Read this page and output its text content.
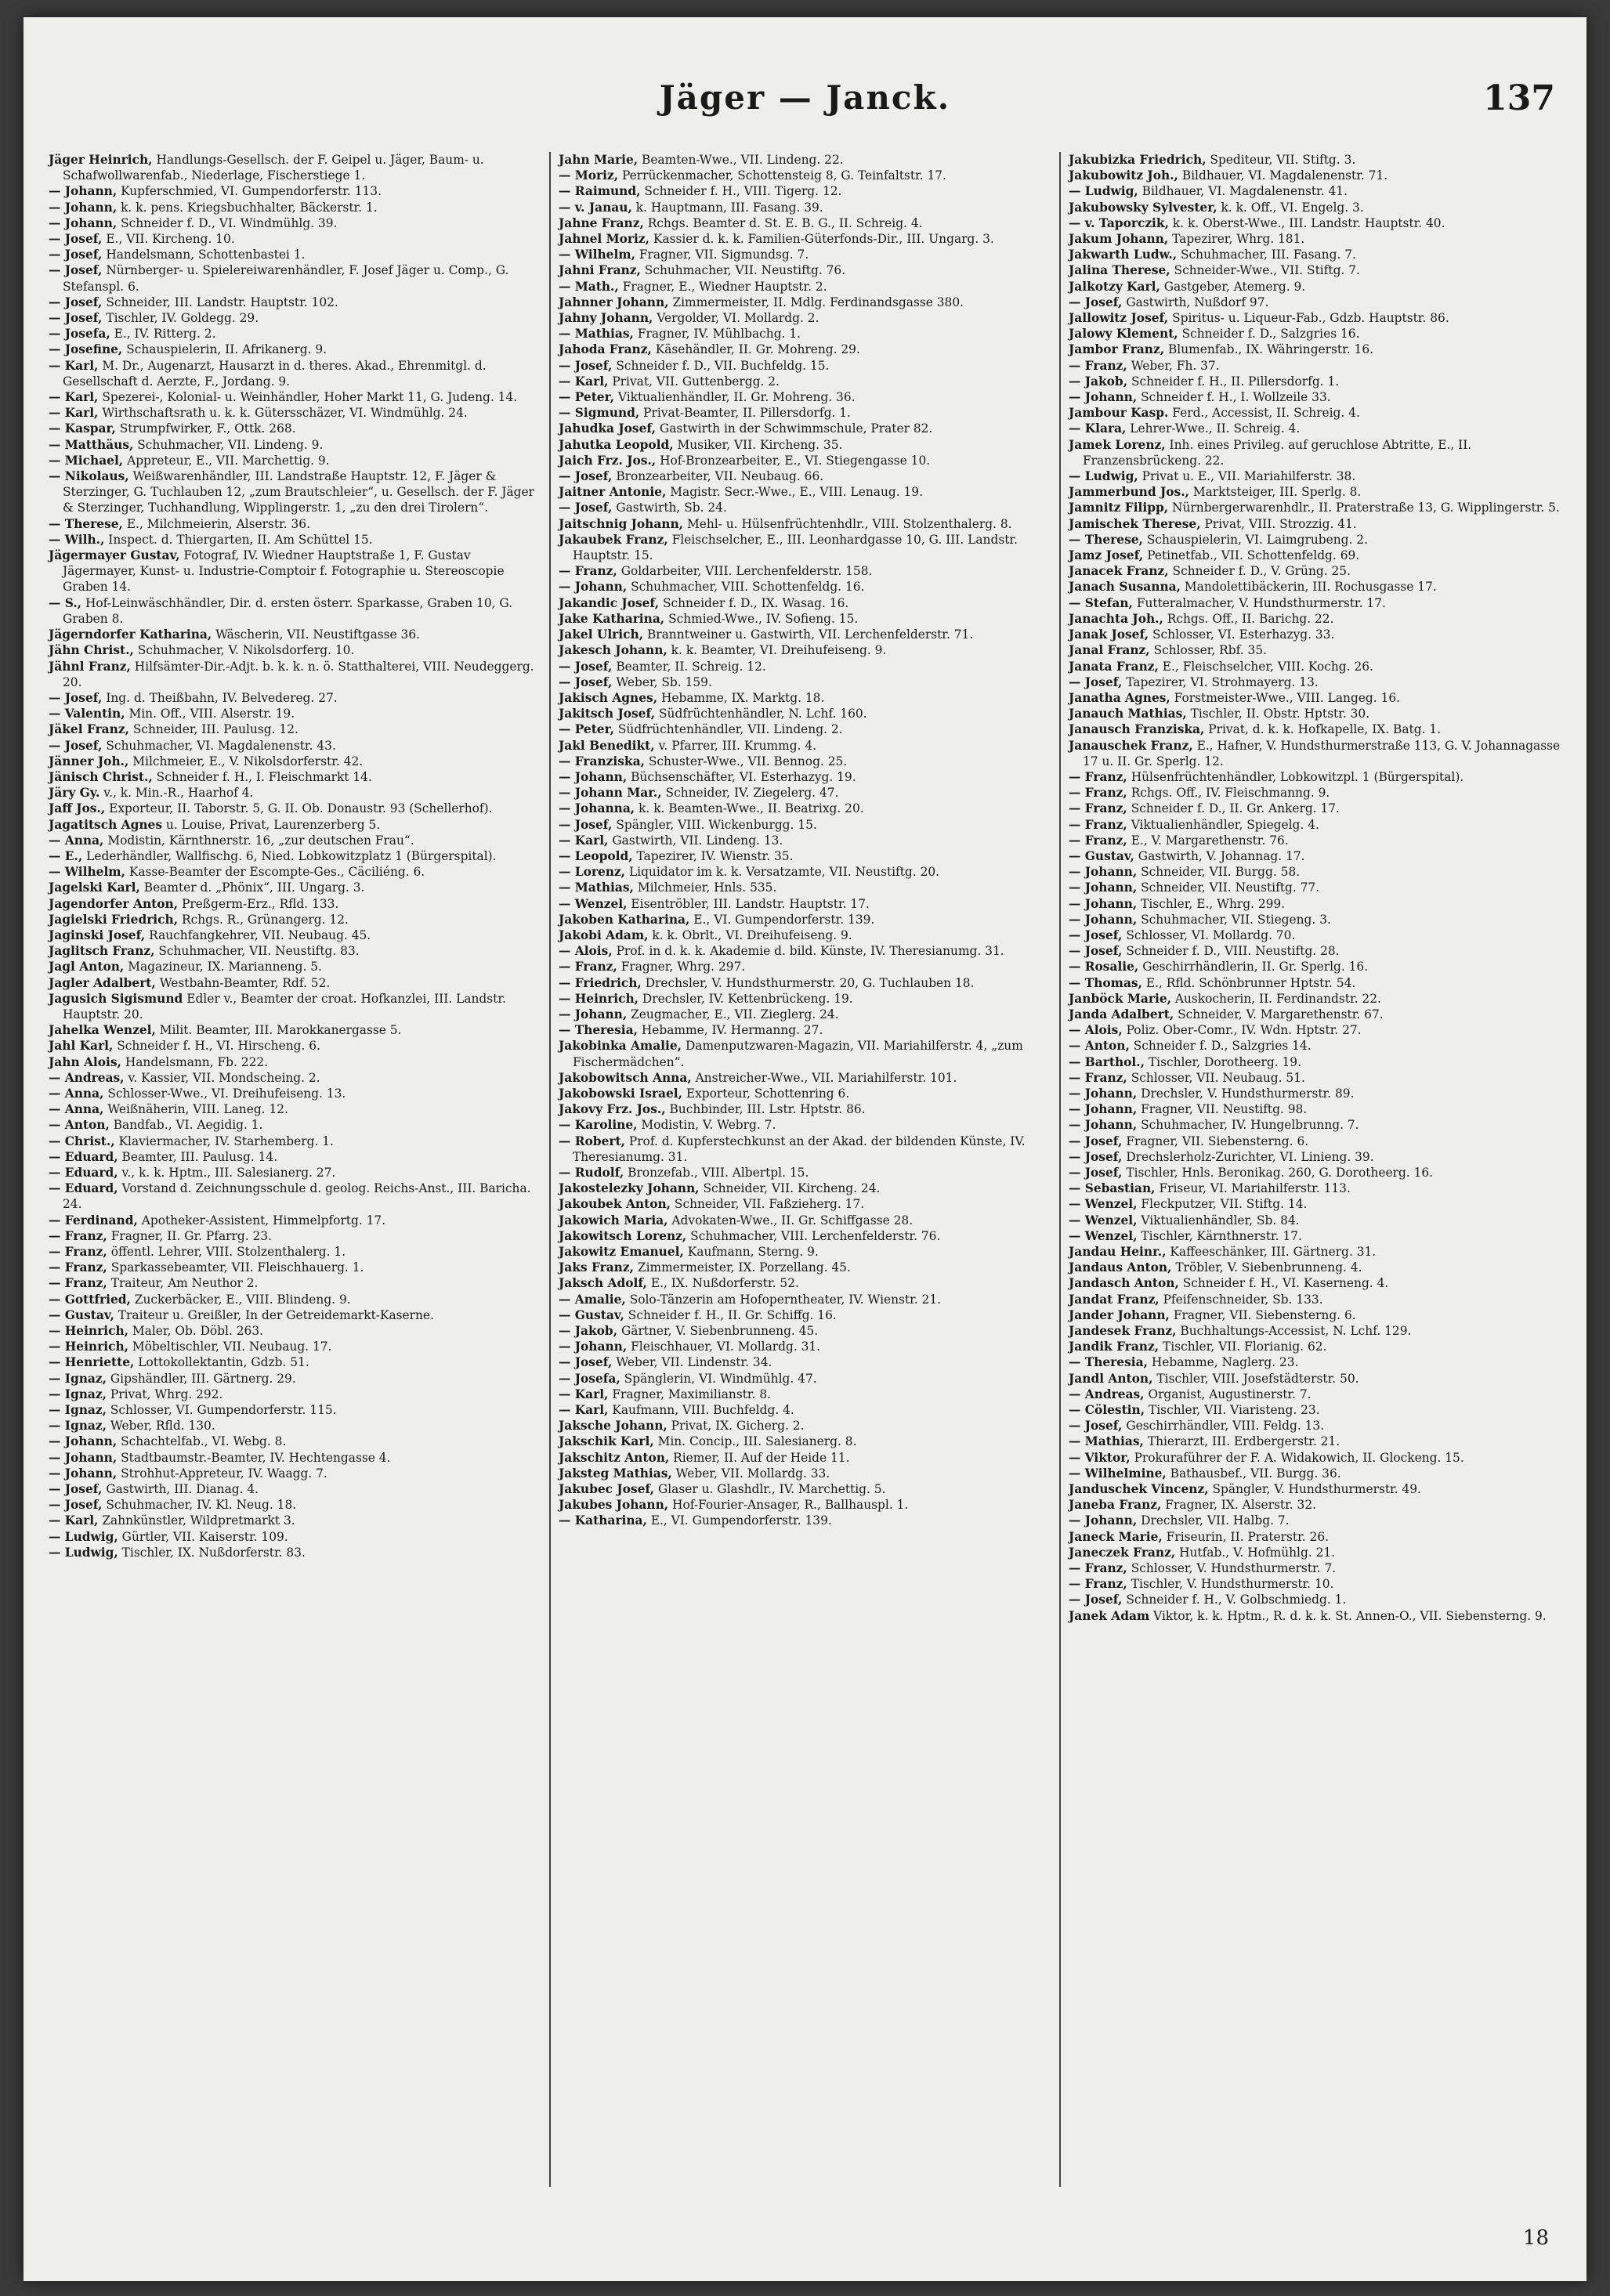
Jäger — Janck.	137

Jäger Heinrich, Handlungs-Gesellsch. der F. Geipel u. Jäger, Baum- u. Schafwollwarenfab., Niederlage, Fischerstiege 1.

— Johann, Kupferschmied, VI. Gumpendorferstr. 113.

— Johann, k. k. pens. Kriegsbuchhalter, Bäckerstr. 1.

— Johann, Schneider f. D., VI. Windmühlg. 39.

— Josef, E., VII. Kircheng. 10.

— Josef, Handelsmann, Schottenbastei 1.

— Josef, Nürnberger- u. Spielereiwarenhändler, F. Josef Jäger u. Comp., G. Stefanspl. 6.

— Josef, Schneider, III. Landstr. Hauptstr. 102.

— Josef, Tischler, IV. Goldegg. 29.

— Josefa, E., IV. Ritterg. 2.

— Josefine, Schauspielerin, II. Afrikanerg. 9.

— Karl, M. Dr., Augenarzt, Hausarzt in d. theres. Akad., Ehrenmitgl. d. Gesellschaft d. Aerzte, F., Jordang. 9.

— Karl, Spezerei-, Kolonial- u. Weinhändler, Hoher Markt 11, G. Judeng. 14.

— Karl, Wirthschaftsrath u. k. k. Gütersschäzer, VI. Windmühlg. 24.

— Kaspar, Strumpfwirker, F., Ottk. 268.

— Matthäus, Schuhmacher, VII. Lindeng. 9.

— Michael, Appreteur, E., VII. Marchettig. 9.

— Nikolaus, Weißwarenhändler, III. Landstraße Hauptstr. 12, F. Jäger & Sterzinger, G. Tuchlauben 12, „zum Brautschleier“, u. Gesellsch. der F. Jäger & Sterzinger, Tuchhandlung, Wipplingerstr. 1, „zu den drei Tirolern“.

— Therese, E., Milchmeierin, Alserstr. 36.

— Wilh., Inspect. d. Thiergarten, II. Am Schüttel 15.

Jägermayer Gustav, Fotograf, IV. Wiedner Hauptstraße 1, F. Gustav Jägermayer, Kunst- u. Industrie-Comptoir f. Fotographie u. Stereoscopie Graben 14.

— S., Hof-Leinwäschhändler, Dir. d. ersten österr. Sparkasse, Graben 10, G. Graben 8.

Jägerndorfer Katharina, Wäscherin, VII. Neustiftgasse 36.

Jähn Christ., Schuhmacher, V. Nikolsdorferg. 10.

Jähnl Franz, Hilfsämter-Dir.-Adjt. b. k. k. n. ö. Statthalterei, VIII. Neudeggerg. 20.

— Josef, Ing. d. Theißbahn, IV. Belvedereg. 27.

— Valentin, Min. Off., VIII. Alserstr. 19.

Jäkel Franz, Schneider, III. Paulusg. 12.

— Josef, Schuhmacher, VI. Magdalenenstr. 43.

Jänner Joh., Milchmeier, E., V. Nikolsdorferstr. 42.

Jänisch Christ., Schneider f. H., I. Fleischmarkt 14.

Järy Gy. v., k. Min.-R., Haarhof 4.

Jaff Jos., Exporteur, II. Taborstr. 5, G. II. Ob. Donaustr. 93 (Schellerhof).

Jagatitsch Agnes u. Louise, Privat, Laurenzerberg 5.

— Anna, Modistin, Kärnthnerstr. 16, „zur deutschen Frau“.

— E., Lederhändler, Wallfischg. 6, Nied. Lobkowitzplatz 1 (Bürgerspital).

— Wilhelm, Kasse-Beamter der Escompte-Ges., Cäciliéng. 6.

Jagelski Karl, Beamter d. „Phönix“, III. Ungarg. 3.

Jagendorfer Anton, Preßgerm-Erz., Rfld. 133.

Jagielski Friedrich, Rchgs. R., Grünangerg. 12.

Jaginski Josef, Rauchfangkehrer, VII. Neubaug. 45.

Jaglitsch Franz, Schuhmacher, VII. Neustiftg. 83.

Jagl Anton, Magazineur, IX. Marianneng. 5.

Jagler Adalbert, Westbahn-Beamter, Rdf. 52.

Jagusich Sigismund Edler v., Beamter der croat. Hofkanzlei, III. Landstr. Hauptstr. 20.

Jahelka Wenzel, Milit. Beamter, III. Marokkanergasse 5.

Jahl Karl, Schneider f. H., VI. Hirscheng. 6.

Jahn Alois, Handelsmann, Fb. 222.

— Andreas, v. Kassier, VII. Mondscheing. 2.

— Anna, Schlosser-Wwe., VI. Dreihufeiseng. 13.

— Anna, Weißnäherin, VIII. Laneg. 12.

— Anton, Bandfab., VI. Aegidig. 1.

— Christ., Klaviermacher, IV. Starhemberg. 1.

— Eduard, Beamter, III. Paulusg. 14.

— Eduard, v., k. k. Hptm., III. Salesianerg. 27.

— Eduard, Vorstand d. Zeichnungsschule d. geolog. Reichs-Anst., III. Baricha. 24.

— Ferdinand, Apotheker-Assistent, Himmelpfortg. 17.

— Franz, Fragner, II. Gr. Pfarrg. 23.

— Franz, öffentl. Lehrer, VIII. Stolzenthalerg. 1.

— Franz, Sparkassebeamter, VII. Fleischhauerg. 1.

— Franz, Traiteur, Am Neuthor 2.

— Gottfried, Zuckerbäcker, E., VIII. Blindeng. 9.

— Gustav, Traiteur u. Greißler, In der Getreidemarkt-Kaserne.

— Heinrich, Maler, Ob. Döbl. 263.

— Heinrich, Möbeltischler, VII. Neubaug. 17.

— Henriette, Lottokollektantin, Gdzb. 51.

— Ignaz, Gipshändler, III. Gärtnerg. 29.

— Ignaz, Privat, Whrg. 292.

— Ignaz, Schlosser, VI. Gumpendorferstr. 115.

— Ignaz, Weber, Rfld. 130.

— Johann, Schachtelfab., VI. Webg. 8.

— Johann, Stadtbaumstr.-Beamter, IV. Hechtengasse 4.

— Johann, Strohhut-Appreteur, IV. Waagg. 7.

— Josef, Gastwirth, III. Dianag. 4.

— Josef, Schuhmacher, IV. Kl. Neug. 18.

— Karl, Zahnkünstler, Wildpretmarkt 3.

— Ludwig, Gürtler, VII. Kaiserstr. 109.

— Ludwig, Tischler, IX. Nußdorferstr. 83.

Jahn Marie, Beamten-Wwe., VII. Lindeng. 22.

— Moriz, Perrückenmacher, Schottensteig 8, G. Teinfaltstr. 17.

— Raimund, Schneider f. H., VIII. Tigerg. 12.

— v. Janau, k. Hauptmann, III. Fasang. 39.

Jahne Franz, Rchgs. Beamter d. St. E. B. G., II. Schreig. 4.

Jahnel Moriz, Kassier d. k. k. Familien-Güterfonds-Dir., III. Ungarg. 3.

— Wilhelm, Fragner, VII. Sigmundsg. 7.

Jahni Franz, Schuhmacher, VII. Neustiftg. 76.

— Math., Fragner, E., Wiedner Hauptstr. 2.

Jahnner Johann, Zimmermeister, II. Mdlg. Ferdinandsgasse 380.

Jahny Johann, Vergolder, VI. Mollardg. 2.

— Mathias, Fragner, IV. Mühlbachg. 1.

Jahoda Franz, Käsehändler, II. Gr. Mohreng. 29.

— Josef, Schneider f. D., VII. Buchfeldg. 15.

— Karl, Privat, VII. Guttenbergg. 2.

— Peter, Viktualienhändler, II. Gr. Mohreng. 36.

— Sigmund, Privat-Beamter, II. Pillersdorfg. 1.

Jahudka Josef, Gastwirth in der Schwimmschule, Prater 82.

Jahutka Leopold, Musiker, VII. Kircheng. 35.

Jaich Frz. Jos., Hof-Bronzearbeiter, E., VI. Stiegengasse 10.

— Josef, Bronzearbeiter, VII. Neubaug. 66.

Jaitner Antonie, Magistr. Secr.-Wwe., E., VIII. Lenaug. 19.

— Josef, Gastwirth, Sb. 24.

Jaitschnig Johann, Mehl- u. Hülsenfrüchtenhdlr., VIII. Stolzenthalerg. 8.

Jakaubek Franz, Fleischselcher, E., III. Leonhardgasse 10, G. III. Landstr. Hauptstr. 15.

— Franz, Goldarbeiter, VIII. Lerchenfelderstr. 158.

— Johann, Schuhmacher, VIII. Schottenfeldg. 16.

Jakandic Josef, Schneider f. D., IX. Wasag. 16.

Jake Katharina, Schmied-Wwe., IV. Sofieng. 15.

Jakel Ulrich, Branntweiner u. Gastwirth, VII. Lerchenfelderstr. 71.

Jakesch Johann, k. k. Beamter, VI. Dreihufeiseng. 9.

— Josef, Beamter, II. Schreig. 12.

— Josef, Weber, Sb. 159.

Jakisch Agnes, Hebamme, IX. Marktg. 18.

Jakitsch Josef, Südfrüchtenhändler, N. Lchf. 160.

— Peter, Südfrüchtenhändler, VII. Lindeng. 2.

Jakl Benedikt, v. Pfarrer, III. Krummg. 4.

— Franziska, Schuster-Wwe., VII. Bennog. 25.

— Johann, Büchsenschäfter, VI. Esterhazyg. 19.

— Johann Mar., Schneider, IV. Ziegelerg. 47.

— Johanna, k. k. Beamten-Wwe., II. Beatrixg. 20.

— Josef, Spängler, VIII. Wickenburgg. 15.

— Karl, Gastwirth, VII. Lindeng. 13.

— Leopold, Tapezirer, IV. Wienstr. 35.

— Lorenz, Liquidator im k. k. Versatzamte, VII. Neustiftg. 20.

— Mathias, Milchmeier, Hnls. 535.

— Wenzel, Eisentröbler, III. Landstr. Hauptstr. 17.

Jakoben Katharina, E., VI. Gumpendorferstr. 139.

Jakobi Adam, k. k. Obrlt., VI. Dreihufeiseng. 9.

— Alois, Prof. in d. k. k. Akademie d. bild. Künste, IV. Theresianumg. 31.

— Franz, Fragner, Whrg. 297.

— Friedrich, Drechsler, V. Hundsthurmerstr. 20, G. Tuchlauben 18.

— Heinrich, Drechsler, IV. Kettenbrückeng. 19.

— Johann, Zeugmacher, E., VII. Zieglerg. 24.

— Theresia, Hebamme, IV. Hermanng. 27.

Jakobinka Amalie, Damenputzwaren-Magazin, VII. Mariahilferstr. 4, „zum Fischermädchen“.

Jakobowitsch Anna, Anstreicher-Wwe., VII. Mariahilferstr. 101.

Jakobowski Israel, Exporteur, Schottenring 6.

Jakovy Frz. Jos., Buchbinder, III. Lstr. Hptstr. 86.

— Karoline, Modistin, V. Webrg. 7.

— Robert, Prof. d. Kupferstechkunst an der Akad. der bildenden Künste, IV. Theresianumg. 31.

— Rudolf, Bronzefab., VIII. Albertpl. 15.

Jakostelezky Johann, Schneider, VII. Kircheng. 24.

Jakoubek Anton, Schneider, VII. Faßzieherg. 17.

Jakowich Maria, Advokaten-Wwe., II. Gr. Schiffgasse 28.

Jakowitsch Lorenz, Schuhmacher, VIII. Lerchenfelderstr. 76.

Jakowitz Emanuel, Kaufmann, Sterng. 9.

Jaks Franz, Zimmermeister, IX. Porzellang. 45.

Jaksch Adolf, E., IX. Nußdorferstr. 52.

— Amalie, Solo-Tänzerin am Hofoperntheater, IV. Wienstr. 21.

— Gustav, Schneider f. H., II. Gr. Schiffg. 16.

— Jakob, Gärtner, V. Siebenbrunneng. 45.

— Johann, Fleischhauer, VI. Mollardg. 31.

— Josef, Weber, VII. Lindenstr. 34.

— Josefa, Spänglerin, VI. Windmühlg. 47.

— Karl, Fragner, Maximilianstr. 8.

— Karl, Kaufmann, VIII. Buchfeldg. 4.

Jaksche Johann, Privat, IX. Gicherg. 2.

Jakschik Karl, Min. Concip., III. Salesianerg. 8.

Jakschitz Anton, Riemer, II. Auf der Heide 11.

Jaksteg Mathias, Weber, VII. Mollardg. 33.

Jakubec Josef, Glaser u. Glashdlr., IV. Marchettig. 5.

Jakubes Johann, Hof-Fourier-Ansager, R., Ballhauspl. 1.

— Katharina, E., VI. Gumpendorferstr. 139.

Jakubizka Friedrich, Spediteur, VII. Stiftg. 3.

Jakubowitz Joh., Bildhauer, VI. Magdalenenstr. 71.

— Ludwig, Bildhauer, VI. Magdalenenstr. 41.

Jakubowsky Sylvester, k. k. Off., VI. Engelg. 3.

— v. Taporczik, k. k. Oberst-Wwe., III. Landstr. Hauptstr. 40.

Jakum Johann, Tapezirer, Whrg. 181.

Jakwarth Ludw., Schuhmacher, III. Fasang. 7.

Jalina Therese, Schneider-Wwe., VII. Stiftg. 7.

Jalkotzy Karl, Gastgeber, Atemerg. 9.

— Josef, Gastwirth, Nußdorf 97.

Jallowitz Josef, Spiritus- u. Liqueur-Fab., Gdzb. Hauptstr. 86.

Jalowy Klement, Schneider f. D., Salzgries 16.

Jambor Franz, Blumenfab., IX. Währingerstr. 16.

— Franz, Weber, Fh. 37.

— Jakob, Schneider f. H., II. Pillersdorfg. 1.

— Johann, Schneider f. H., I. Wollzeile 33.

Jambour Kasp. Ferd., Accessist, II. Schreig. 4.

— Klara, Lehrer-Wwe., II. Schreig. 4.

Jamek Lorenz, Inh. eines Privileg. auf geruchlose Abtritte, E., II. Franzensbrückeng. 22.

— Ludwig, Privat u. E., VII. Mariahilferstr. 38.

Jammerbund Jos., Marktsteiger, III. Sperlg. 8.

Jamnitz Filipp, Nürnbergerwarenhdlr., II. Praterstraße 13, G. Wipplingerstr. 5.

Jamischek Therese, Privat, VIII. Strozzig. 41.

— Therese, Schauspielerin, VI. Laimgrubeng. 2.

Jamz Josef, Petinetfab., VII. Schottenfeldg. 69.

Janacek Franz, Schneider f. D., V. Grüng. 25.

Janach Susanna, Mandolettibäckerin, III. Rochusgasse 17.

— Stefan, Futteralmacher, V. Hundsthurmerstr. 17.

Janachta Joh., Rchgs. Off., II. Barichg. 22.

Janak Josef, Schlosser, VI. Esterhazyg. 33.

Janal Franz, Schlosser, Rbf. 35.

Janata Franz, E., Fleischselcher, VIII. Kochg. 26.

— Josef, Tapezirer, VI. Strohmayerg. 13.

Janatha Agnes, Forstmeister-Wwe., VIII. Langeg. 16.

Janauch Mathias, Tischler, II. Obstr. Hptstr. 30.

Janausch Franziska, Privat, d. k. k. Hofkapelle, IX. Batg. 1.

Janauschek Franz, E., Hafner, V. Hundsthurmerstraße 113, G. V. Johannagasse 17 u. II. Gr. Sperlg. 12.

— Franz, Hülsenfrüchtenhändler, Lobkowitzpl. 1 (Bürgerspital).

— Franz, Rchgs. Off., IV. Fleischmanng. 9.

— Franz, Schneider f. D., II. Gr. Ankerg. 17.

— Franz, Viktualienhändler, Spiegelg. 4.

— Franz, E., V. Margarethenstr. 76.

— Gustav, Gastwirth, V. Johannag. 17.

— Johann, Schneider, VII. Burgg. 58.

— Johann, Schneider, VII. Neustiftg. 77.

— Johann, Tischler, E., Whrg. 299.

— Johann, Schuhmacher, VII. Stiegeng. 3.

— Josef, Schlosser, VI. Mollardg. 70.

— Josef, Schneider f. D., VIII. Neustiftg. 28.

— Rosalie, Geschirrhändlerin, II. Gr. Sperlg. 16.

— Thomas, E., Rfld. Schönbrunner Hptstr. 54.

Janböck Marie, Auskocherin, II. Ferdinandstr. 22.

Janda Adalbert, Schneider, V. Margarethenstr. 67.

— Alois, Poliz. Ober-Comr., IV. Wdn. Hptstr. 27.

— Anton, Schneider f. D., Salzgries 14.

— Barthol., Tischler, Dorotheerg. 19.

— Franz, Schlosser, VII. Neubaug. 51.

— Johann, Drechsler, V. Hundsthurmerstr. 89.

— Johann, Fragner, VII. Neustiftg. 98.

— Johann, Schuhmacher, IV. Hungelbrunng. 7.

— Josef, Fragner, VII. Siebensterng. 6.

— Josef, Drechslerholz-Zurichter, VI. Linieng. 39.

— Josef, Tischler, Hnls. Beronikag. 260, G. Dorotheerg. 16.

— Sebastian, Friseur, VI. Mariahilferstr. 113.

— Wenzel, Fleckputzer, VII. Stiftg. 14.

— Wenzel, Viktualienhändler, Sb. 84.

— Wenzel, Tischler, Kärnthnerstr. 17.

Jandau Heinr., Kaffeeschänker, III. Gärtnerg. 31.

Jandaus Anton, Tröbler, V. Siebenbrunneng. 4.

Jandasch Anton, Schneider f. H., VI. Kaserneng. 4.

Jandat Franz, Pfeifenschneider, Sb. 133.

Jander Johann, Fragner, VII. Siebensterng. 6.

Jandesek Franz, Buchhaltungs-Accessist, N. Lchf. 129.

Jandik Franz, Tischler, VII. Florianig. 62.

— Theresia, Hebamme, Naglerg. 23.

Jandl Anton, Tischler, VIII. Josefstädterstr. 50.

— Andreas, Organist, Augustinerstr. 7.

— Cölestin, Tischler, VII. Viaristeng. 23.

— Josef, Geschirrhändler, VIII. Feldg. 13.

— Mathias, Thierarzt, III. Erdbergerstr. 21.

— Viktor, Prokuraführer der F. A. Widakowich, II. Glockeng. 15.

— Wilhelmine, Bathausbef., VII. Burgg. 36.

Janduschek Vincenz, Spängler, V. Hundsthurmerstr. 49.

Janeba Franz, Fragner, IX. Alserstr. 32.

— Johann, Drechsler, VII. Halbg. 7.

Janeck Marie, Friseurin, II. Praterstr. 26.

Janeczek Franz, Hutfab., V. Hofmühlg. 21.

— Franz, Schlosser, V. Hundsthurmerstr. 7.

— Franz, Tischler, V. Hundsthurmerstr. 10.

— Josef, Schneider f. H., V. Golbschmiedg. 1.

Janek Adam Viktor, k. k. Hptm., R. d. k. k. St. Annen-O., VII. Siebensterng. 9.

18
